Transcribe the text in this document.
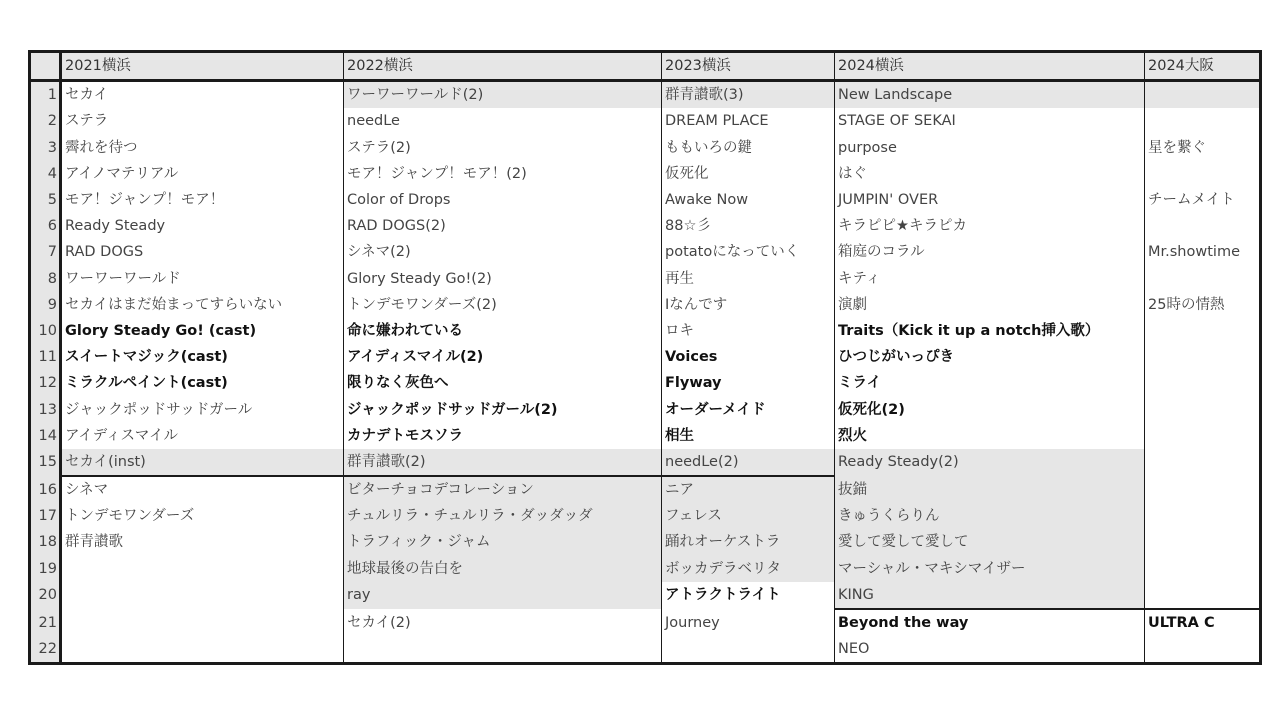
	2021横浜	2022横浜	2023横浜	2024横浜	2024大阪
1	セカイ	ワーワーワールド(2)	群青讃歌(3)	New Landscape	
2	ステラ	needLe	DREAM PLACE	STAGE OF SEKAI	
3	霽れを待つ	ステラ(2)	ももいろの鍵	purpose	星を繋ぐ
4	アイノマテリアル	モア！ジャンプ！モア！(2)	仮死化	はぐ	
5	モア！ジャンプ！モア！	Color of Drops	Awake Now	JUMPIN' OVER	チームメイト
6	Ready Steady	RAD DOGS(2)	88☆彡	キラピピ★キラピカ	
7	RAD DOGS	シネマ(2)	potatoになっていく	箱庭のコラル	Mr.showtime
8	ワーワーワールド	Glory Steady Go!(2)	再生	キティ	
9	セカイはまだ始まってすらいない	トンデモワンダーズ(2)	Iなんです	演劇	25時の情熱
10	Glory Steady Go! (cast)	命に嫌われている	ロキ	Traits（Kick it up a notch挿入歌）	
11	スイートマジック(cast)	アイディスマイル(2)	Voices	ひつじがいっぴき	
12	ミラクルペイント(cast)	限りなく灰色へ	Flyway	ミライ	
13	ジャックポッドサッドガール	ジャックポッドサッドガール(2)	オーダーメイド	仮死化(2)	
14	アイディスマイル	カナデトモスソラ	相生	烈火	
15	セカイ(inst)	群青讃歌(2)	needLe(2)	Ready Steady(2)	
16	シネマ	ビターチョコデコレーション	ニア	抜錨	
17	トンデモワンダーズ	チュルリラ・チュルリラ・ダッダッダ	フェレス	きゅうくらりん	
18	群青讃歌	トラフィック・ジャム	踊れオーケストラ	愛して愛して愛して	
19		地球最後の告白を	ボッカデラベリタ	マーシャル・マキシマイザー	
20		ray	アトラクトライト	KING	
21		セカイ(2)	Journey	Beyond the way	ULTRA C
22				NEO	
